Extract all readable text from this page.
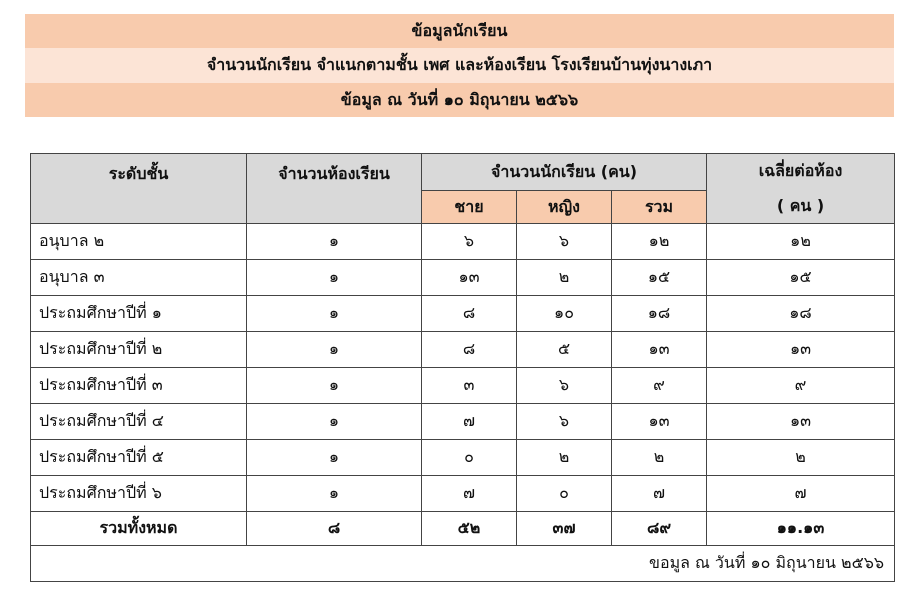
ข้อมูลนักเรียน
จำนวนนักเรียน จำแนกตามชั้น เพศ และห้องเรียน โรงเรียนบ้านทุ่งนางเภา
ข้อมูล ณ วันที่ ๑๐ มิถุนายน ๒๕๖๖
ระดับชั้น	จำนวนห้องเรียน	จำนวนนักเรียน (คน)			เฉลี่ยต่อห้อง
( คน )

		ชาย	หญิง	รวม	
อนุบาล ๒	๑	๖	๖	๑๒	๑๒
อนุบาล ๓	๑	๑๓	๒	๑๕	๑๕
ประถมศึกษาปีที่ ๑	๑	๘	๑๐	๑๘	๑๘
ประถมศึกษาปีที่ ๒	๑	๘	๕	๑๓	๑๓
ประถมศึกษาปีที่ ๓	๑	๓	๖	๙	๙
ประถมศึกษาปีที่ ๔	๑	๗	๖	๑๓	๑๓
ประถมศึกษาปีที่ ๕	๑	๐	๒	๒	๒
ประถมศึกษาปีที่ ๖	๑	๗	๐	๗	๗
รวมทั้งหมด	๘	๕๒	๓๗	๘๙	๑๑.๑๓
ขอมูล ณ วันที่ ๑๐ มิถุนายน ๒๕๖๖					
